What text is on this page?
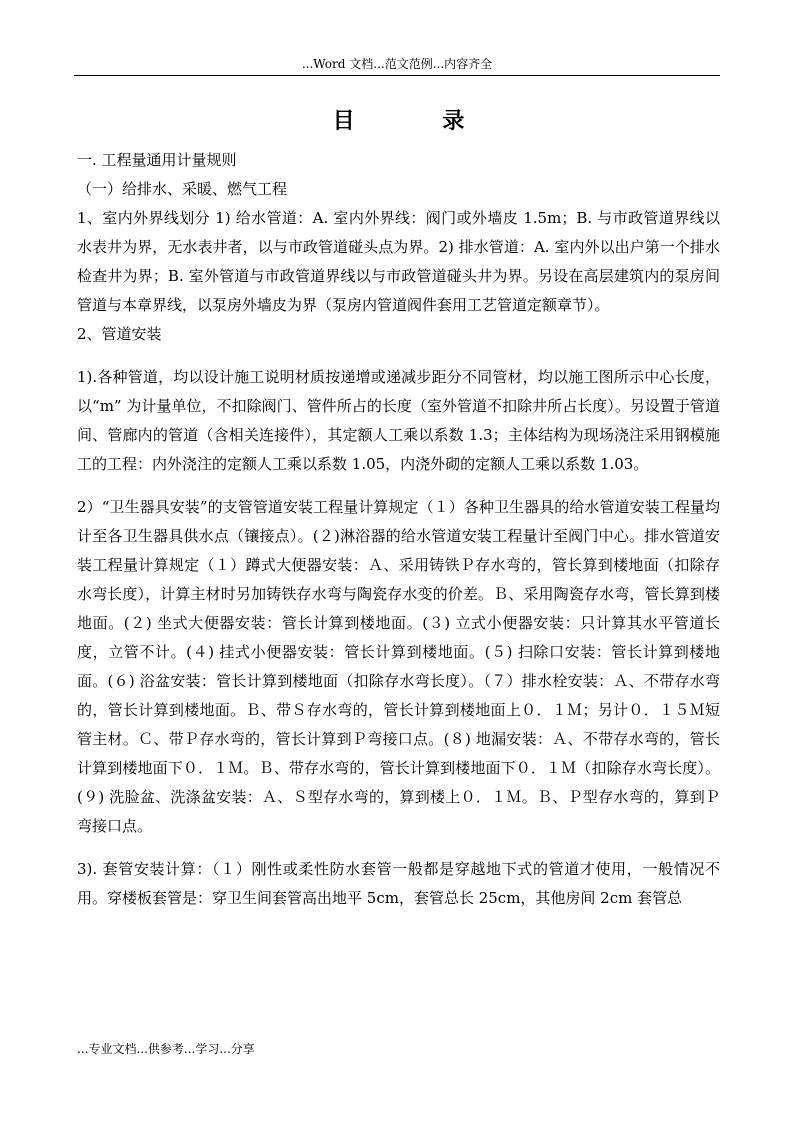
...Word 文档...范文范例...内容齐全
目 录

一. 工程量通用计量规则

（一）给排水、采暖、燃气工程

1、室内外界线划分 1) 给水管道：A. 室内外界线：阀门或外墙皮 1.5m；B. 与市政管道界线以水表井为界，无水表井者，以与市政管道碰头点为界。2) 排水管道：A. 室内外以出户第一个排水检查井为界；B. 室外管道与市政管道界线以与市政管道碰头井为界。另设在高层建筑内的泵房间管道与本章界线，以泵房外墙皮为界（泵房内管道阀件套用工艺管道定额章节）。

2、管道安装

1).各种管道，均以设计施工说明材质按递增或递减步距分不同管材，均以施工图所示中心长度，以“m” 为计量单位，不扣除阀门、管件所占的长度（室外管道不扣除井所占长度）。另设置于管道间、管廊内的管道（含相关连接件），其定额人工乘以系数 1.3；主体结构为现场浇注采用钢模施工的工程：内外浇注的定额人工乘以系数 1.05，内浇外砌的定额人工乘以系数 1.03。

2）“卫生器具安装”的支管管道安装工程量计算规定（１）各种卫生器具的给水管道安装工程量均计至各卫生器具供水点（镶接点）。(２)淋浴器的给水管道安装工程量计至阀门中心。排水管道安装工程量计算规定（１）蹲式大便器安装：Ａ、采用铸铁Ｐ存水弯的，管长算到楼地面（扣除存水弯长度），计算主材时另加铸铁存水弯与陶瓷存水变的价差。Ｂ、采用陶瓷存水弯，管长算到楼地面。(２) 坐式大便器安装：管长计算到楼地面。(３) 立式小便器安装：只计算其水平管道长度，立管不计。(４) 挂式小便器安装：管长计算到楼地面。(５) 扫除口安装：管长计算到楼地面。(６) 浴盆安装：管长计算到楼地面（扣除存水弯长度）。（７）排水栓安装：Ａ、不带存水弯的，管长计算到楼地面。Ｂ、带Ｓ存水弯的，管长计算到楼地面上０．１Ｍ；另计０．１５Ｍ短管主材。Ｃ、带Ｐ存水弯的，管长计算到Ｐ弯接口点。(８) 地漏安装：Ａ、不带存水弯的，管长计算到楼地面下０．１Ｍ。Ｂ、带存水弯的，管长计算到楼地面下０．１Ｍ（扣除存水弯长度）。(９) 洗脸盆、洗涤盆安装：Ａ、Ｓ型存水弯的，算到楼上０．１Ｍ。Ｂ、Ｐ型存水弯的，算到Ｐ弯接口点。

3). 套管安装计算：（１）刚性或柔性防水套管一般都是穿越地下式的管道才使用，一般情况不用。穿楼板套管是：穿卫生间套管高出地平 5cm，套管总长 25cm，其他房间 2cm 套管总

...专业文档...供参考...学习...分享
